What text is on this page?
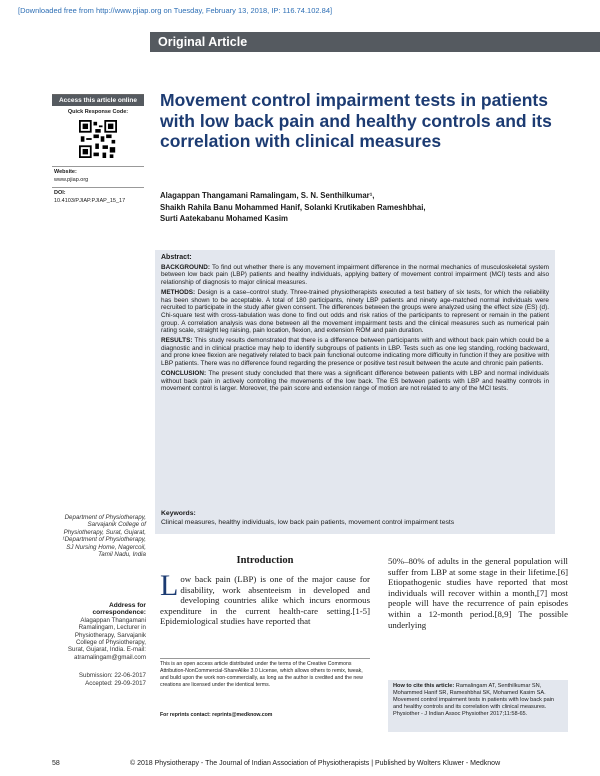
[Downloaded free from http://www.pjiap.org on Tuesday, February 13, 2018, IP: 116.74.102.84]
Original Article
Access this article online
Quick Response Code:
Website:
www.pjiap.org
DOI:
10.4103/PJIAP.PJIAP_15_17
Movement control impairment tests in patients with low back pain and healthy controls and its correlation with clinical measures
Alagappan Thangamani Ramalingam, S. N. Senthilkumar¹,
Shaikh Rahila Banu Mohammed Hanif, Solanki Krutikaben Rameshbhai,
Surti Aatekabanu Mohamed Kasim
Abstract:

BACKGROUND: To find out whether there is any movement impairment difference in the normal mechanics of musculoskeletal system between low back pain (LBP) patients and healthy individuals, applying battery of movement control impairment (MCI) tests and also relationship of diagnosis to major clinical measures.

METHODS: Design is a case–control study. Three-trained physiotherapists executed a test battery of six tests, for which the reliability has been shown to be acceptable. A total of 180 participants, ninety LBP patients and ninety age-matched normal individuals were recruited to participate in the study after given consent. The differences between the groups were analyzed using the effect size (ES) (d). Chi-square test with cross-tabulation was done to find out odds and risk ratios of the participants to represent or remain in the patient group. A correlation analysis was done between all the movement impairment tests and the clinical measures such as numerical pain rating scale, straight leg raising, pain location, flexion, and extension ROM and pain duration.

RESULTS: This study results demonstrated that there is a difference between participants with and without back pain which could be a diagnostic and in clinical practice may help to identify subgroups of patients in LBP. Tests such as one leg standing, rocking backward, and prone knee flexion are negatively related to back pain functional outcome indicating more difficulty in function if they are positive with LBP patients. There was no difference found regarding the presence or positive test result between the acute and chronic pain patients.

CONCLUSION: The present study concluded that there was a significant difference between patients with LBP and normal individuals without back pain in actively controlling the movements of the low back. The ES between patients with LBP and healthy controls in movement control is larger. Moreover, the pain score and extension range of motion are not related to any of the MCI tests.

Keywords:
Clinical measures, healthy individuals, low back pain patients, movement control impairment tests
Department of Physiotherapy, Sarvajanik College of Physiotherapy, Surat, Gujarat, ¹Department of Physiotherapy, SJ Nursing Home, Nagercoil, Tamil Nadu, India
Address for correspondence:
Alagappan Thangamani Ramalingam, Lecturer in Physiotherapy, Sarvajanik College of Physiotherapy, Surat, Gujarat, India. E-mail: atramalingam@gmail.com
Submission: 22-06-2017
Accepted: 29-09-2017
Introduction
Low back pain (LBP) is one of the major cause for disability, work absenteeism in developed and developing countries alike which incurs enormous expenditure in the current health-care setting.[1-5] Epidemiological studies have reported that
This is an open access article distributed under the terms of the Creative Commons Attribution-NonCommercial-ShareAlike 3.0 License, which allows others to remix, tweak, and build upon the work non-commercially, as long as the author is credited and the new creations are licensed under the identical terms.
For reprints contact: reprints@medknow.com
50%–80% of adults in the general population will suffer from LBP at some stage in their lifetime.[6] Etiopathogenic studies have reported that most individuals will recover within a month,[7] most people will have the recurrence of pain episodes within a 12-month period.[8,9] The possible underlying
How to cite this article: Ramalingam AT, Senthilkumar SN, Mohammed Hanif SR, Rameshbhai SK, Mohamed Kasim SA. Movement control impairment tests in patients with low back pain and healthy controls and its correlation with clinical measures. Physiother - J Indian Assoc Physiother 2017;11:58-65.
58	© 2018 Physiotherapy - The Journal of Indian Association of Physiotherapists | Published by Wolters Kluwer - Medknow
